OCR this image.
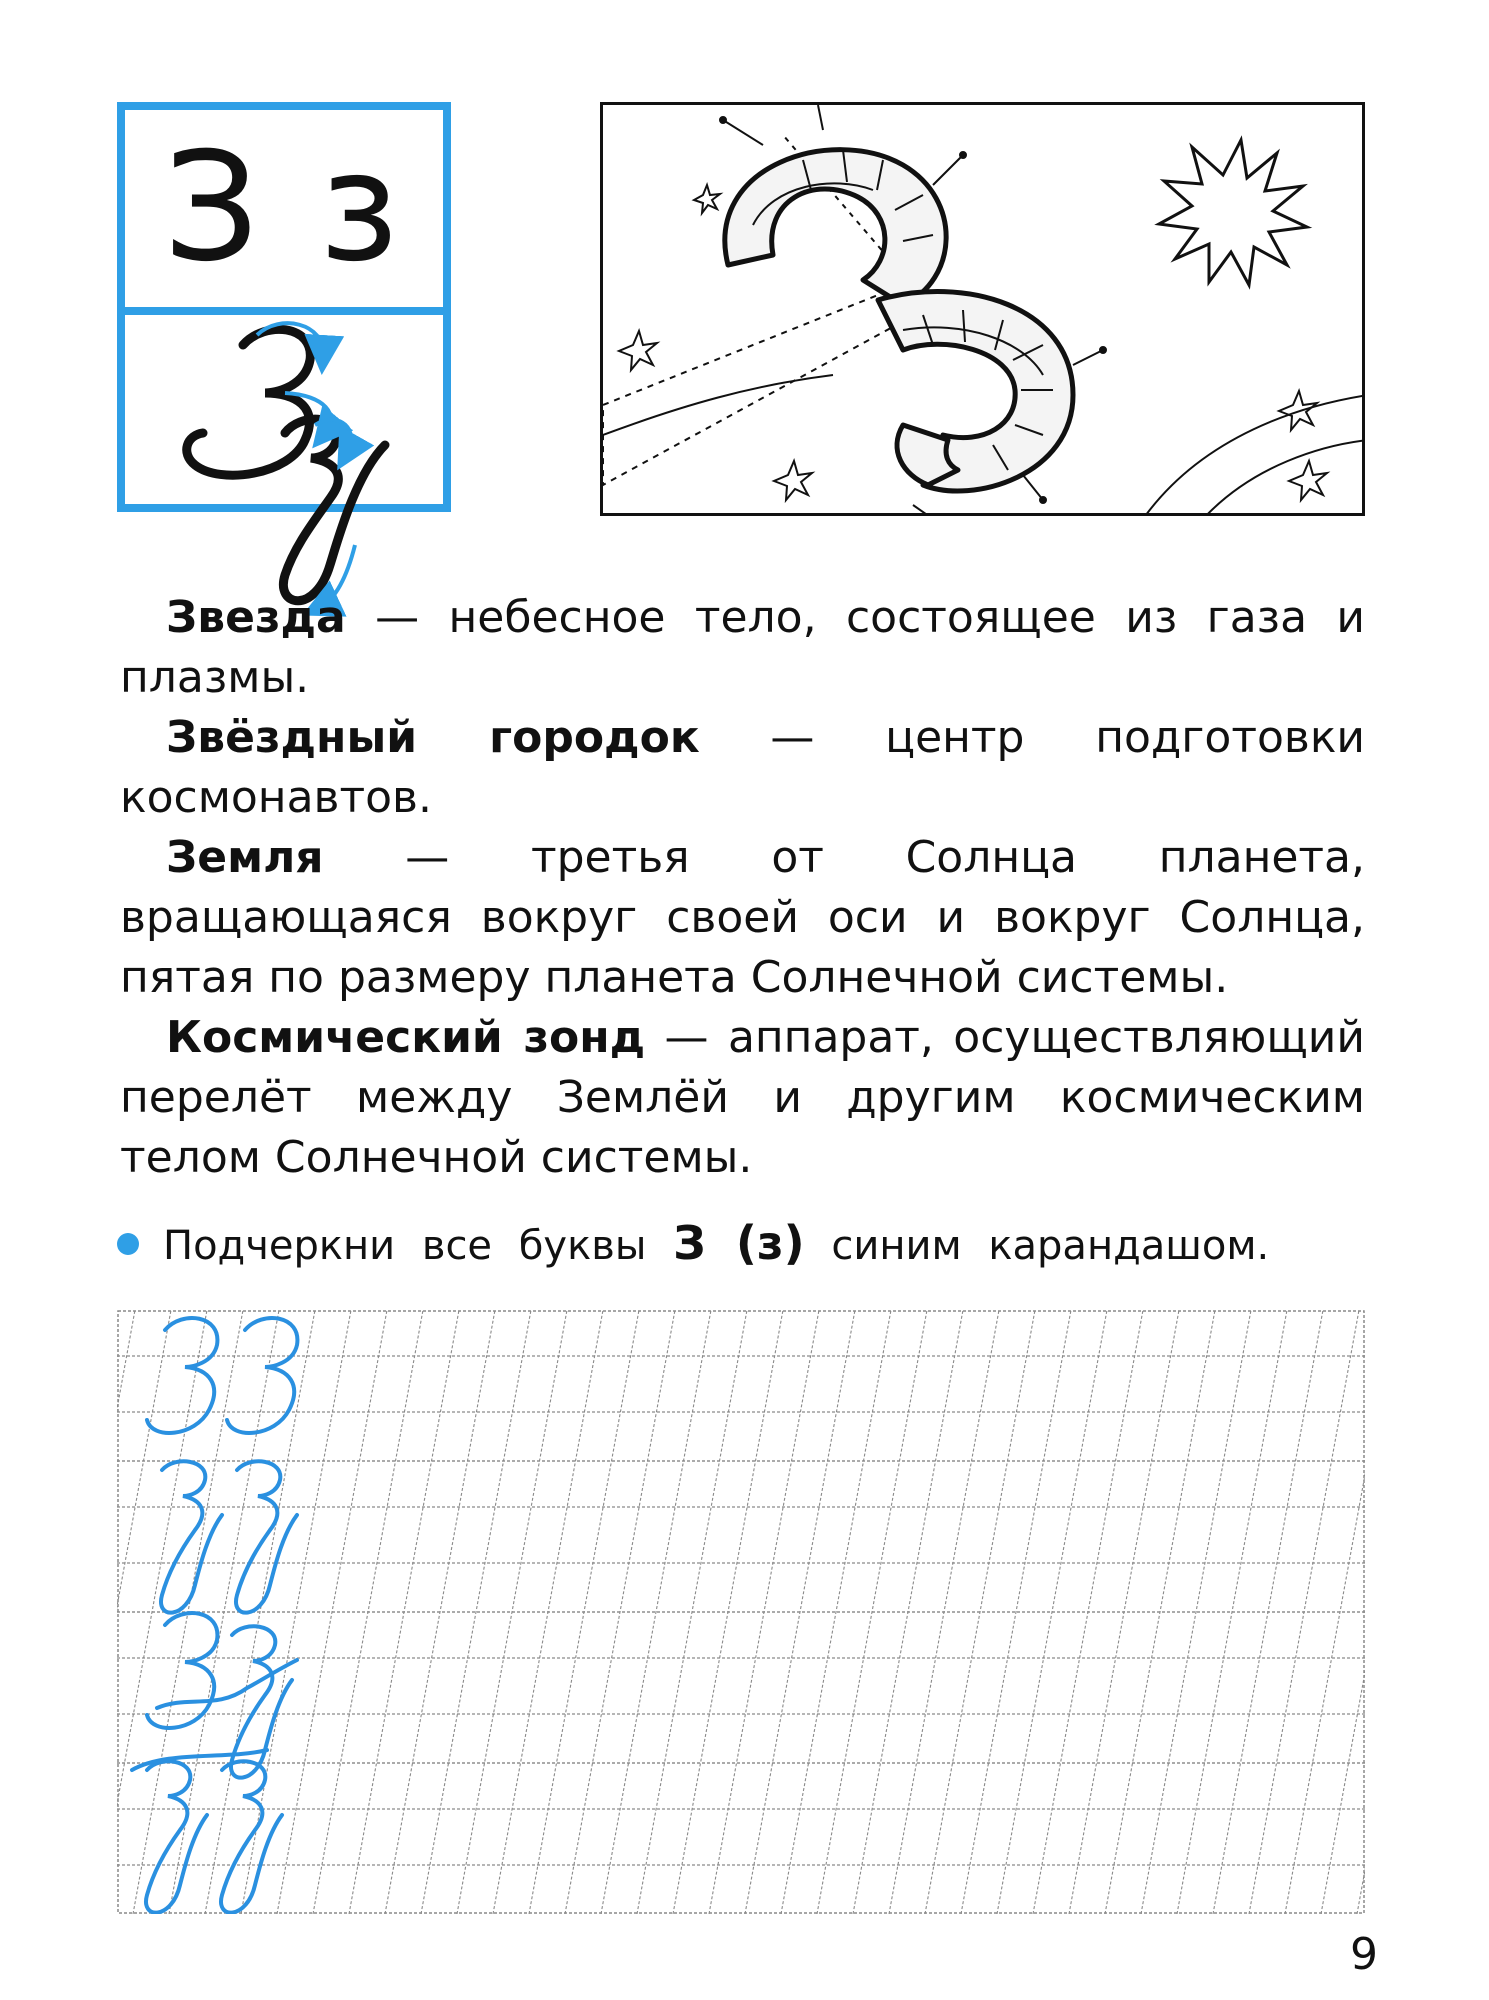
З з

Звезда — небесное тело, состоящее из газа и плазмы.

Звёздный городок — центр подготовки космонавтов.

Земля — третья от Солнца планета, вращающаяся вокруг своей оси и вокруг Солнца, пятая по размеру планета Солнечной системы.

Космический зонд — аппарат, осуществляющий перелёт между Землёй и другим космическим телом Солнечной системы.

Подчеркни все буквы З (з) синим карандашом.
9
